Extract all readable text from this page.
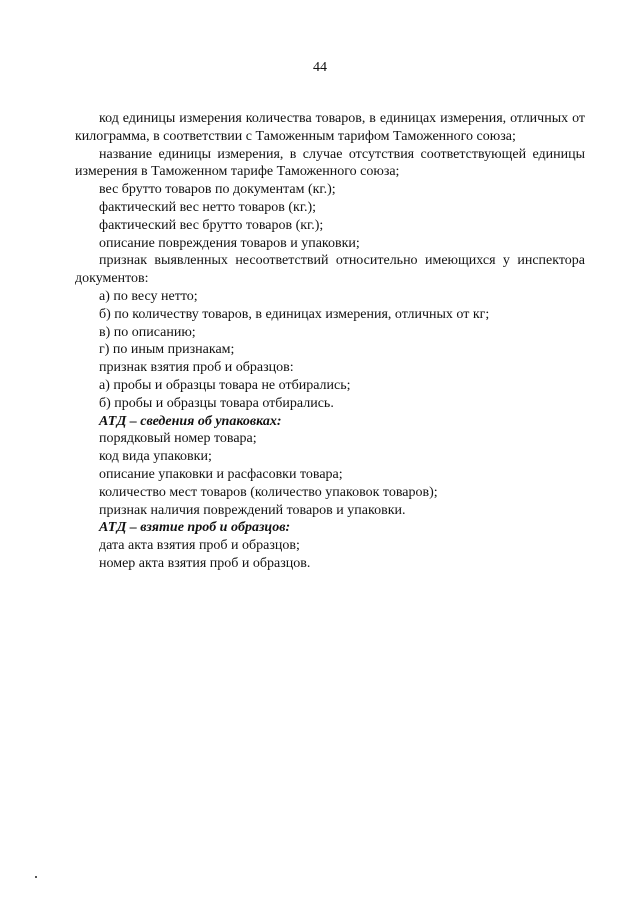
44

код единицы измерения количества товаров, в единицах измерения, отличных от килограмма, в соответствии с Таможенным тарифом Таможенного союза;

название единицы измерения, в случае отсутствия соответствующей единицы измерения в Таможенном тарифе Таможенного союза;

вес брутто товаров по документам (кг.);

фактический вес нетто товаров (кг.);

фактический вес брутто товаров (кг.);

описание повреждения товаров и упаковки;

признак выявленных несоответствий относительно имеющихся у инспектора документов:

а) по весу нетто;

б) по количеству товаров, в единицах измерения, отличных от кг;

в) по описанию;

г) по иным признакам;

признак взятия проб и образцов:

а) пробы и образцы товара не отбирались;

б) пробы и образцы товара отбирались.

АТД – сведения об упаковках:

порядковый номер товара;

код вида упаковки;

описание упаковки и расфасовки товара;

количество мест товаров (количество упаковок товаров);

признак наличия повреждений товаров и упаковки.

АТД – взятие проб и образцов:

дата акта взятия проб и образцов;

номер акта взятия проб и образцов.
